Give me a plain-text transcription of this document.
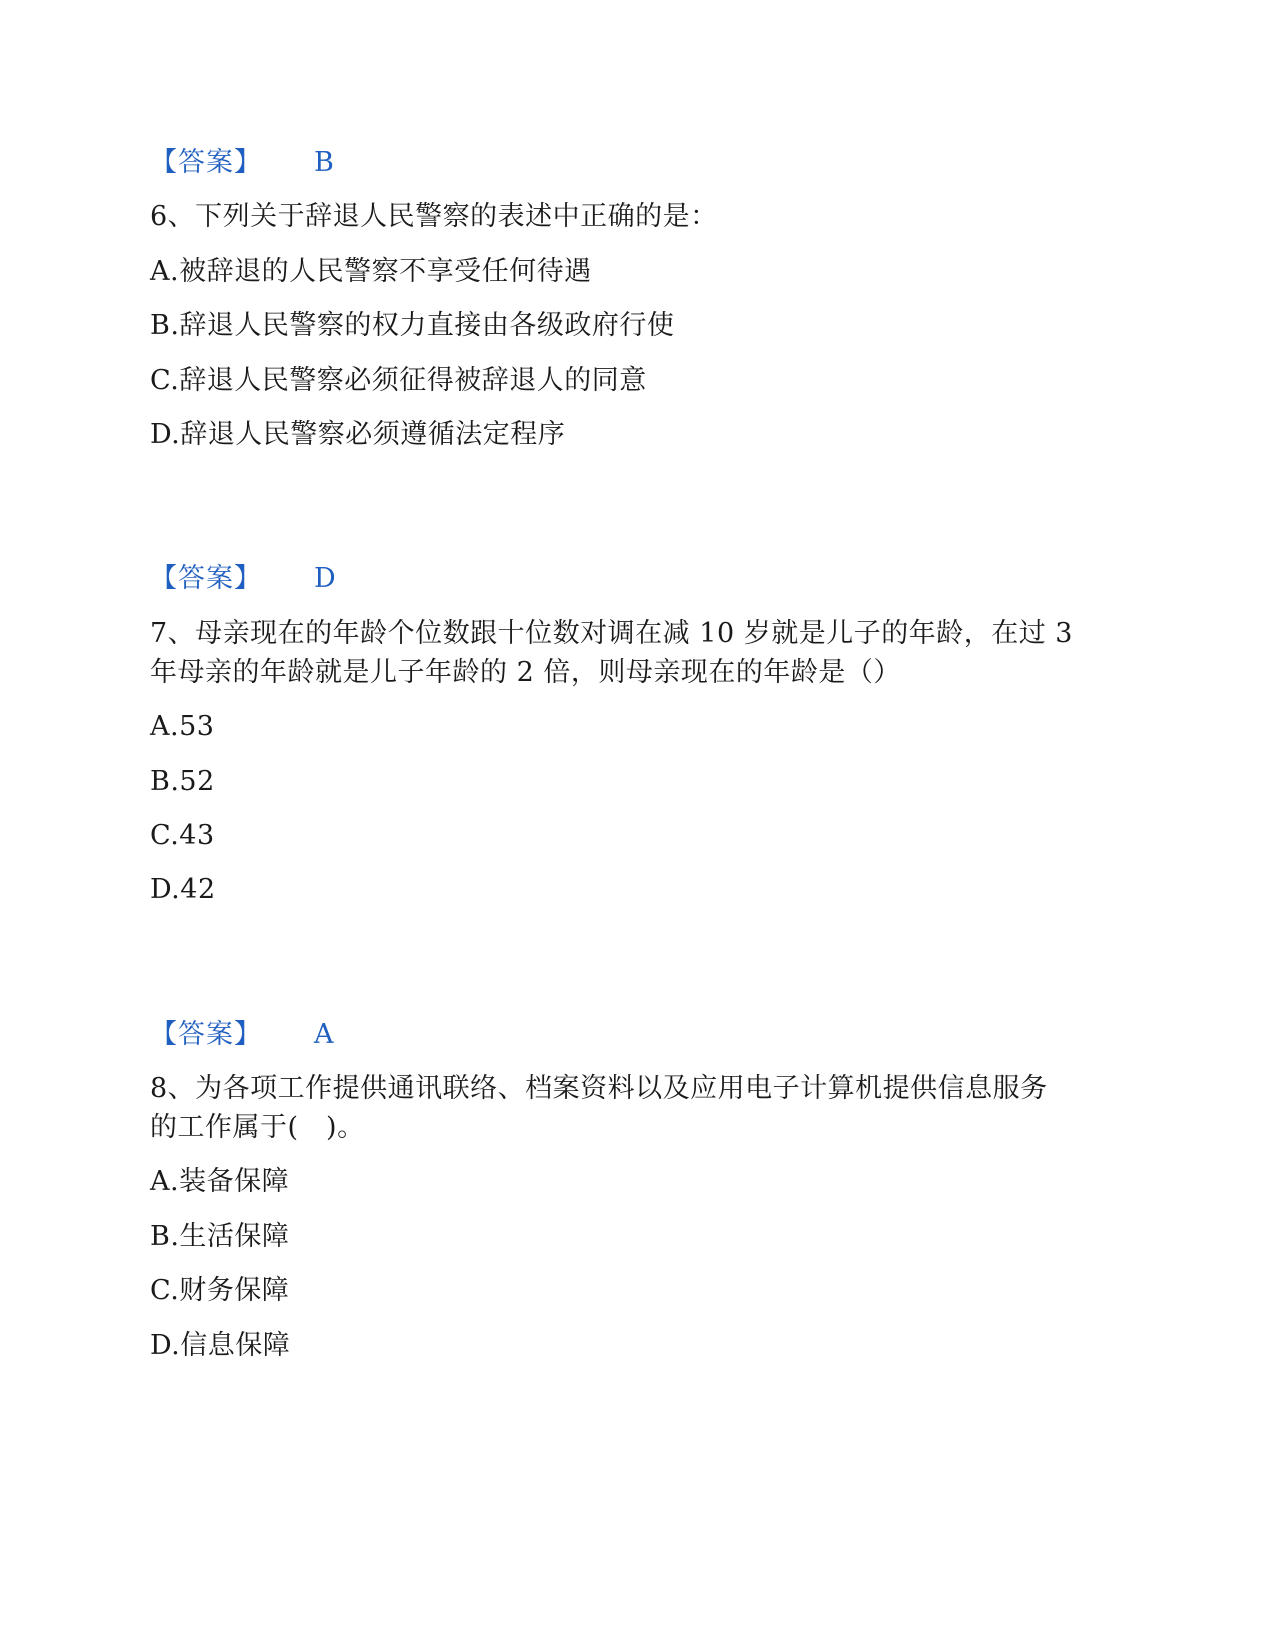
【答案】 B
6、下列关于辞退人民警察的表述中正确的是：
A.被辞退的人民警察不享受任何待遇
B.辞退人民警察的权力直接由各级政府行使
C.辞退人民警察必须征得被辞退人的同意
D.辞退人民警察必须遵循法定程序
【答案】 D
7、母亲现在的年龄个位数跟十位数对调在减 10 岁就是儿子的年龄，在过 3
年母亲的年龄就是儿子年龄的 2 倍，则母亲现在的年龄是（）
A.53
B.52
C.43
D.42
【答案】 A
8、为各项工作提供通讯联络、档案资料以及应用电子计算机提供信息服务
的工作属于(　)。
A.装备保障
B.生活保障
C.财务保障
D.信息保障
